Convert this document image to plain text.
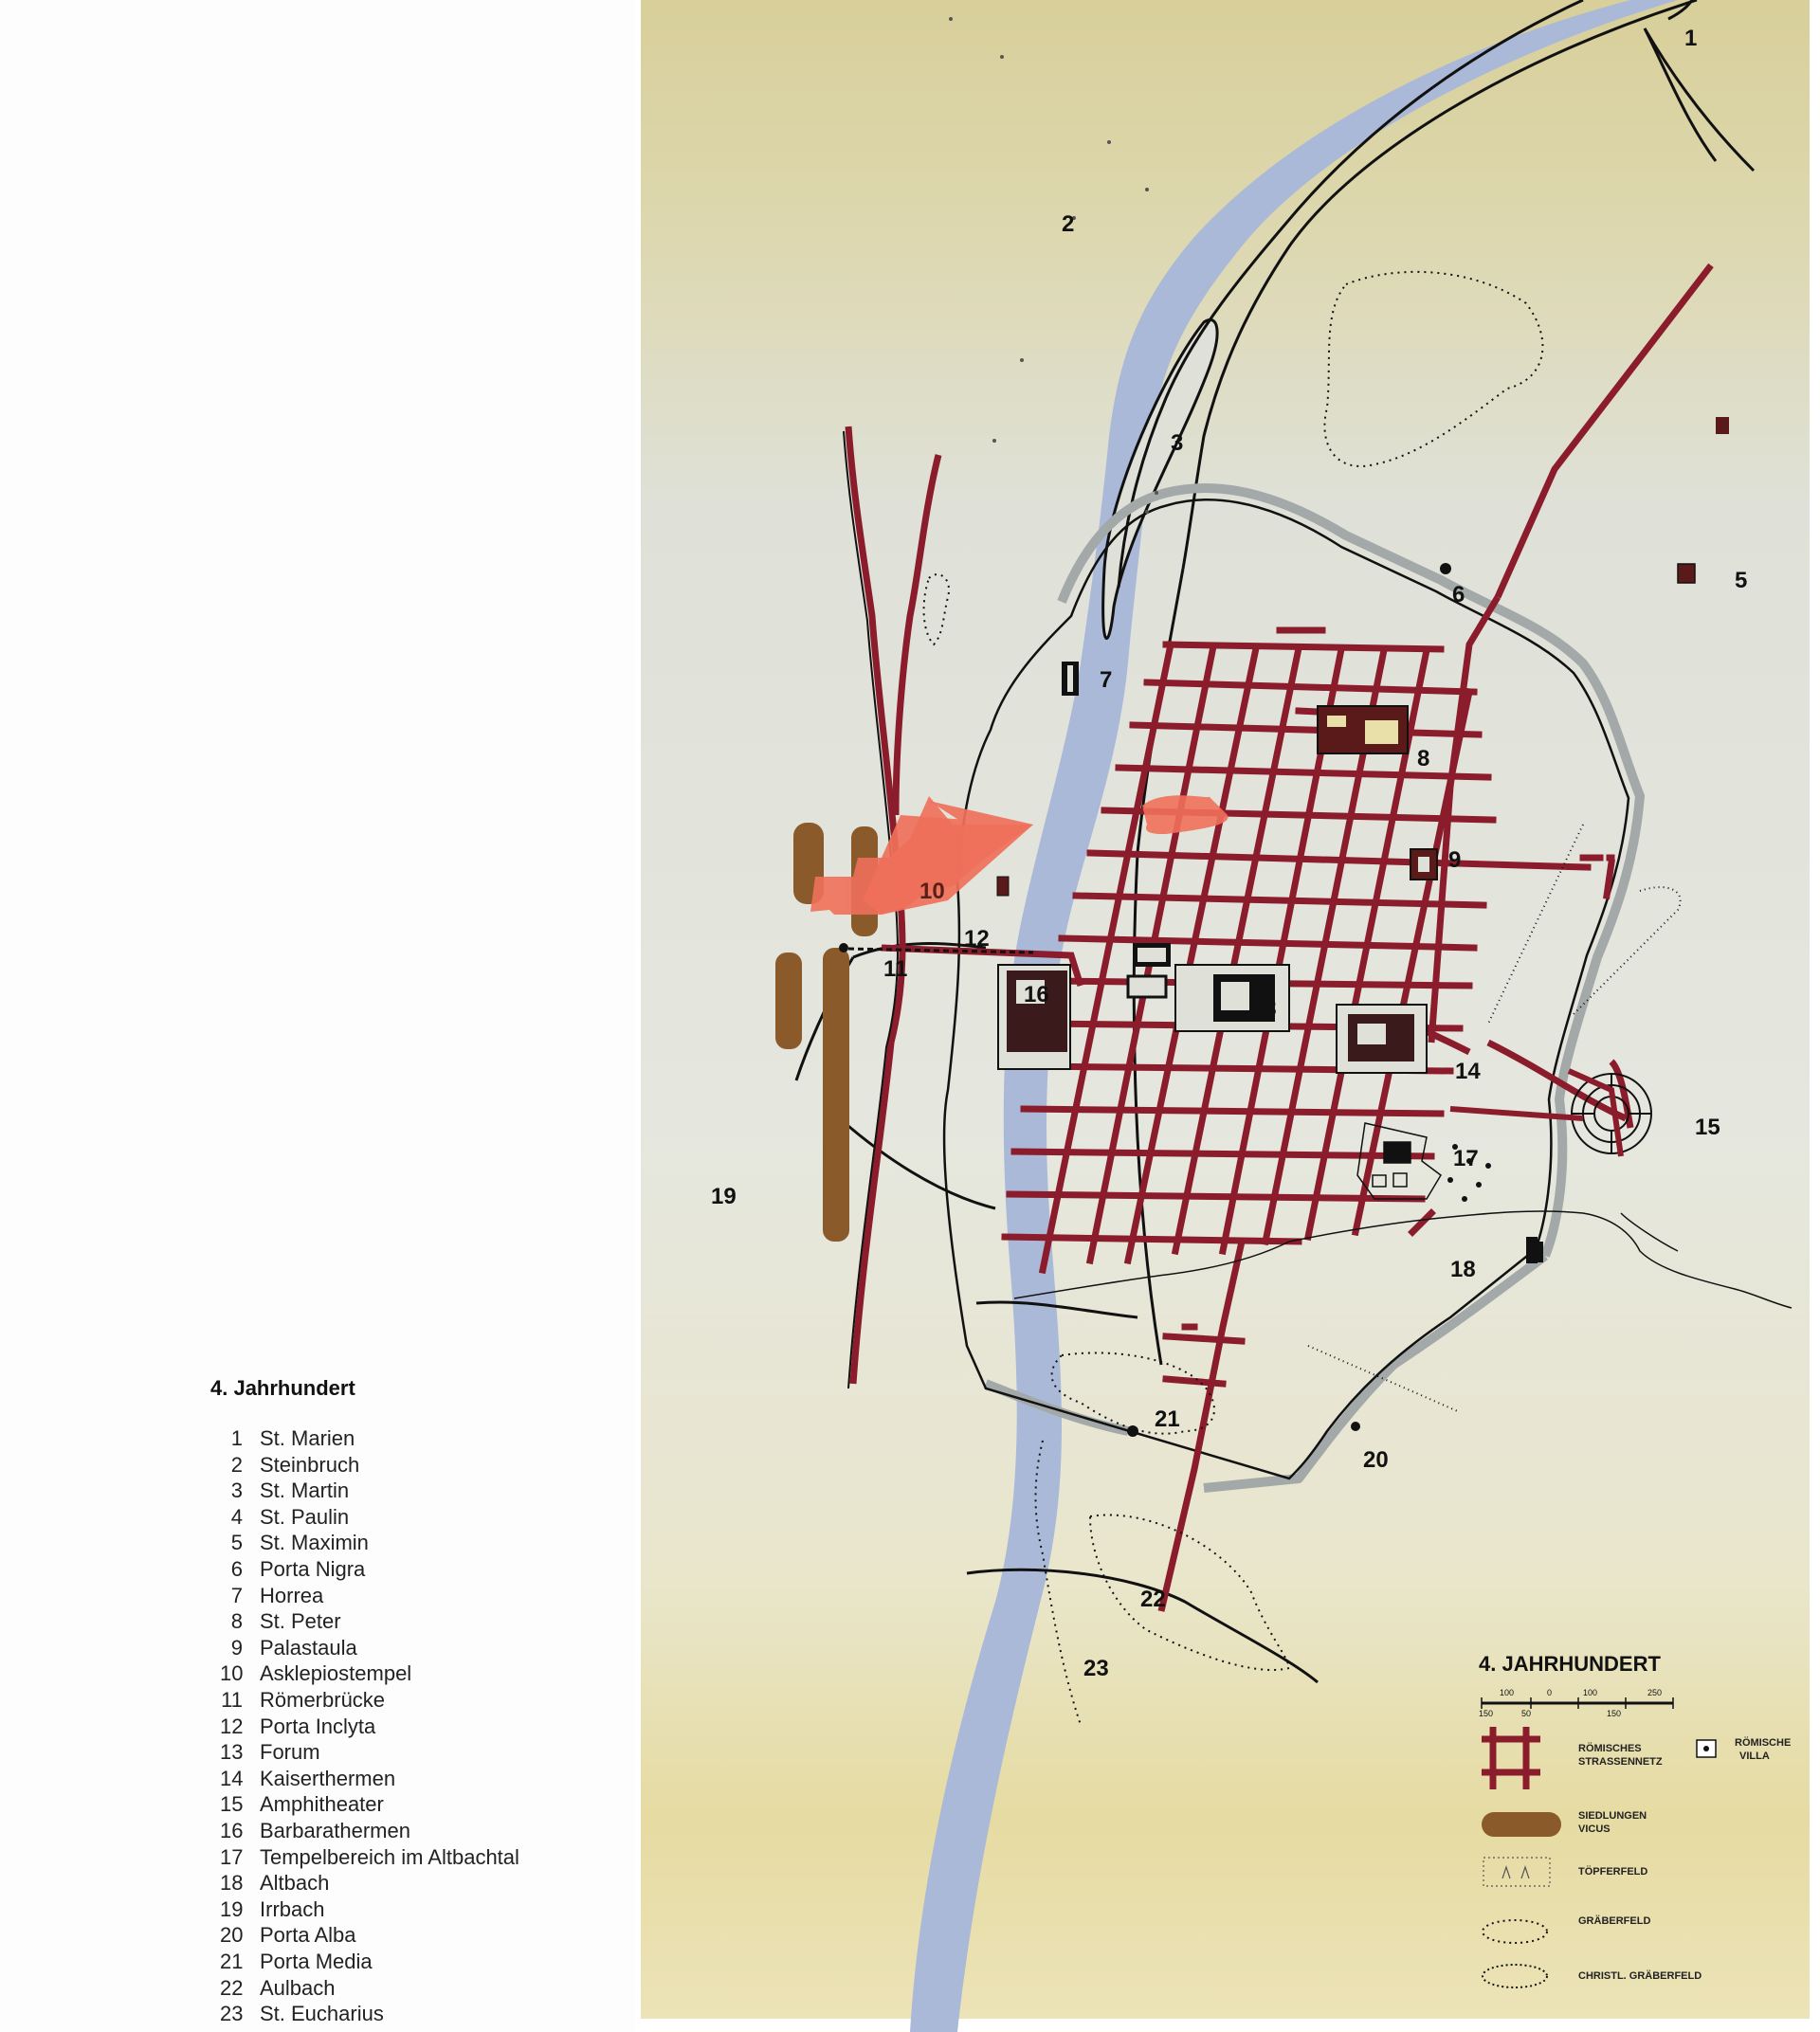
4. Jahrhundert
1 St. Marien
2 Steinbruch
3 St. Martin
4 St. Paulin
5 St. Maximin
6 Porta Nigra
7 Horrea
8 St. Peter
9 Palastaula
10 Asklepiostempel
11 Römerbrücke
12 Porta Inclyta
13 Forum
14 Kaiserthermen
15 Amphitheater
16 Barbarathermen
17 Tempelbereich im Altbachtal
18 Altbach
19 Irrbach
20 Porta Alba
21 Porta Media
22 Aulbach
23 St. Eucharius
1
2
3
5
6
7
8
9
10
11
12
13
14
15
16
17
18
19
20
21
22
23	4. JAHRHUNDERT
100	0	100	250
150	50	150
RÖMISCHES
STRASSENNETZ
RÖMISCHE
VILLA
SIEDLUNGEN
VICUS
TÖPFERFELD
GRÄBERFELD
CHRISTL. GRÄBERFELD
